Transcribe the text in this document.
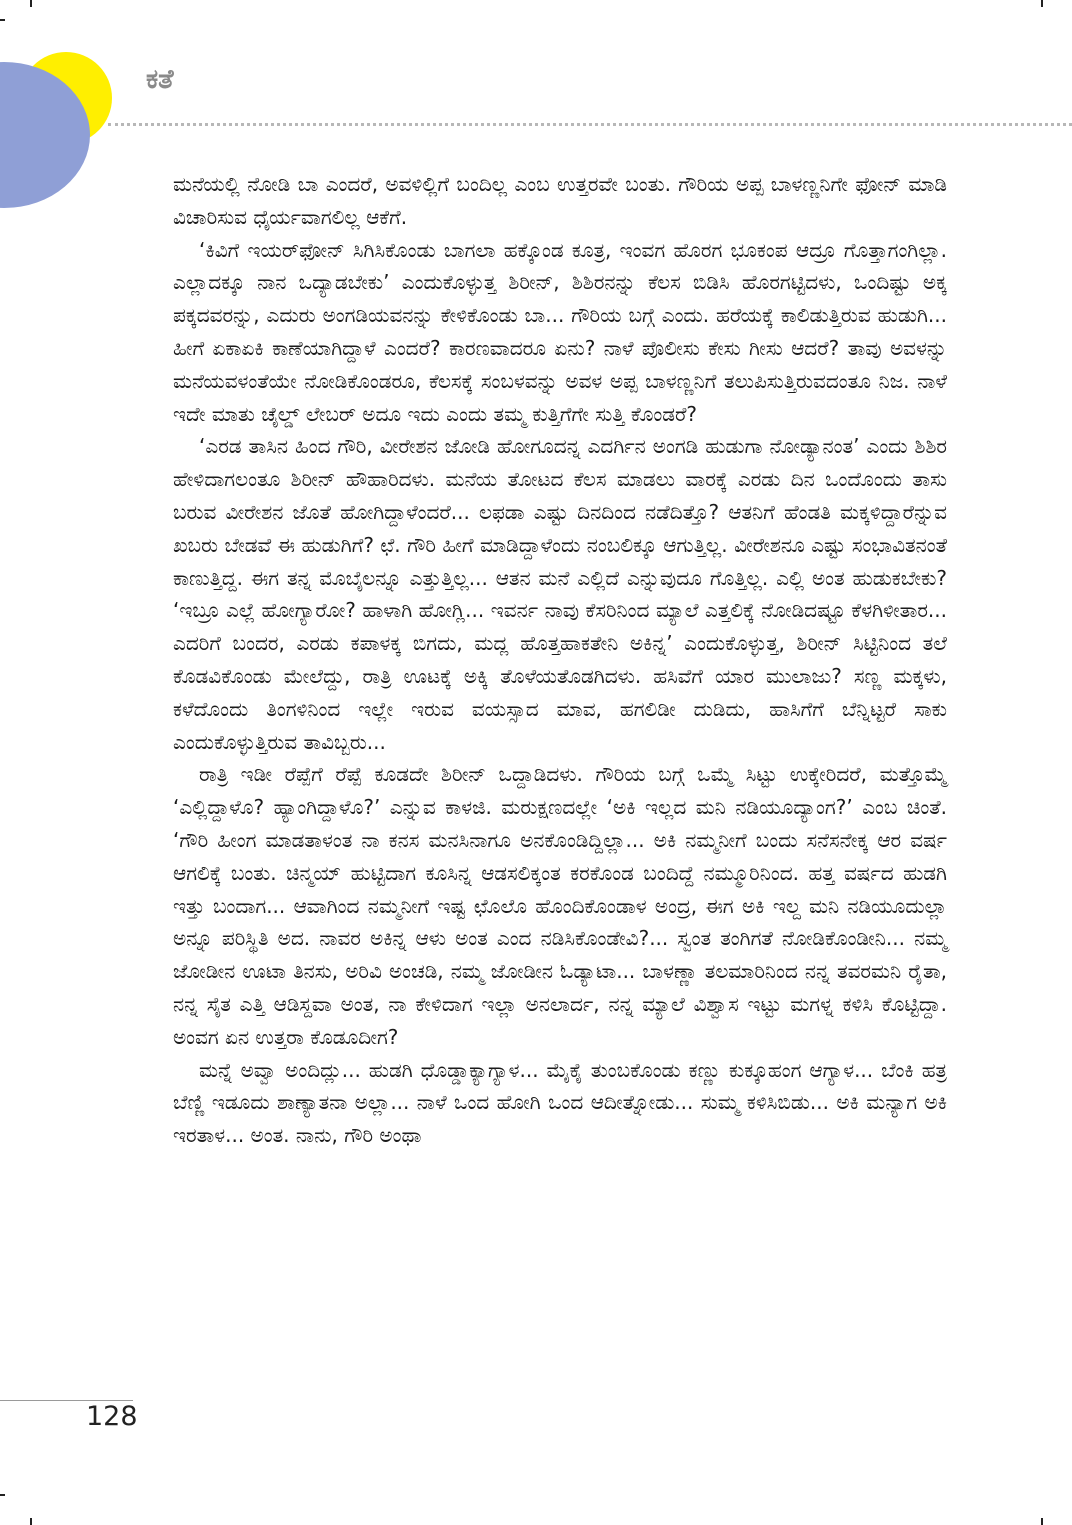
ಕತೆ

ಮನೆಯಲ್ಲಿ ನೋಡಿ ಬಾ ಎಂದರೆ, ಅವಳಿಲ್ಲಿಗೆ ಬಂದಿಲ್ಲ ಎಂಬ ಉತ್ತರವೇ ಬಂತು. ಗೌರಿಯ ಅಪ್ಪ ಬಾಳಣ್ಣನಿಗೇ ಫೋನ್ ಮಾಡಿ ವಿಚಾರಿಸುವ ಧೈರ್ಯವಾಗಲಿಲ್ಲ ಆಕೆಗೆ.

‘ಕಿವಿಗೆ ಇಯರ್‌ಫೋನ್ ಸಿಗಿಸಿಕೊಂಡು ಬಾಗಲಾ ಹಕ್ಕೊಂಡ ಕೂತ್ರ, ಇಂವಗ ಹೊರಗ ಭೂಕಂಪ ಆದ್ರೂ ಗೊತ್ತಾಗಂಗಿಲ್ಲಾ. ಎಲ್ಲಾದಕ್ಕೂ ನಾನ ಒದ್ಯಾಡಬೇಕು’ ಎಂದುಕೊಳ್ಳುತ್ತ ಶಿರೀನ್, ಶಿಶಿರನನ್ನು ಕೆಲಸ ಬಿಡಿಸಿ ಹೊರಗಟ್ಟಿದಳು, ಒಂದಿಷ್ಟು ಅಕ್ಕ ಪಕ್ಕದವರನ್ನು, ಎದುರು ಅಂಗಡಿಯವನನ್ನು ಕೇಳಿಕೊಂಡು ಬಾ... ಗೌರಿಯ ಬಗ್ಗೆ ಎಂದು. ಹರೆಯಕ್ಕೆ ಕಾಲಿಡುತ್ತಿರುವ ಹುಡುಗಿ... ಹೀಗೆ ಏಕಾಏಕಿ ಕಾಣೆಯಾಗಿದ್ದಾಳೆ ಎಂದರೆ? ಕಾರಣವಾದರೂ ಏನು? ನಾಳೆ ಪೊಲೀಸು ಕೇಸು ಗೀಸು ಆದರೆ? ತಾವು ಅವಳನ್ನು ಮನೆಯವಳಂತೆಯೇ ನೋಡಿಕೊಂಡರೂ, ಕೆಲಸಕ್ಕೆ ಸಂಬಳವನ್ನು ಅವಳ ಅಪ್ಪ ಬಾಳಣ್ಣನಿಗೆ ತಲುಪಿಸುತ್ತಿರುವದಂತೂ ನಿಜ. ನಾಳೆ ಇದೇ ಮಾತು ಚೈಲ್ಡ್ ಲೇಬರ್ ಅದೂ ಇದು ಎಂದು ತಮ್ಮ ಕುತ್ತಿಗೆಗೇ ಸುತ್ತಿ ಕೊಂಡರೆ?

‘ಎರಡ ತಾಸಿನ ಹಿಂದ ಗೌರಿ, ವೀರೇಶನ ಜೋಡಿ ಹೋಗೂದನ್ನ ಎದರ್ಗಿನ ಅಂಗಡಿ ಹುಡುಗಾ ನೋಡ್ಯಾನಂತ’ ಎಂದು ಶಿಶಿರ ಹೇಳಿದಾಗಲಂತೂ ಶಿರೀನ್ ಹೌಹಾರಿದಳು. ಮನೆಯ ತೋಟದ ಕೆಲಸ ಮಾಡಲು ವಾರಕ್ಕೆ ಎರಡು ದಿನ ಒಂದೊಂದು ತಾಸು ಬರುವ ವೀರೇಶನ ಜೊತೆ ಹೋಗಿದ್ದಾಳೆಂದರೆ... ಲಫಡಾ ಎಷ್ಟು ದಿನದಿಂದ ನಡೆದಿತ್ತೊ? ಆತನಿಗೆ ಹೆಂಡತಿ ಮಕ್ಕಳಿದ್ದಾರೆನ್ನುವ ಖಬರು ಬೇಡವೆ ಈ ಹುಡುಗಿಗೆ? ಛೆ. ಗೌರಿ ಹೀಗೆ ಮಾಡಿದ್ದಾಳೆಂದು ನಂಬಲಿಕ್ಕೂ ಆಗುತ್ತಿಲ್ಲ. ವೀರೇಶನೂ ಎಷ್ಟು ಸಂಭಾವಿತನಂತೆ ಕಾಣುತ್ತಿದ್ದ. ಈಗ ತನ್ನ ಮೊಬೈಲನ್ನೂ ಎತ್ತುತ್ತಿಲ್ಲ... ಆತನ ಮನೆ ಎಲ್ಲಿದೆ ಎನ್ನುವುದೂ ಗೊತ್ತಿಲ್ಲ. ಎಲ್ಲಿ ಅಂತ ಹುಡುಕಬೇಕು? ‘ಇಬ್ರೂ ಎಲ್ಲೆ ಹೋಗ್ಯಾರೋ? ಹಾಳಾಗಿ ಹೋಗ್ಲಿ... ಇವರ್ನ ನಾವು ಕೆಸರಿನಿಂದ ಮ್ಯಾಲೆ ಎತ್ತಲಿಕ್ಕೆ ನೋಡಿದಷ್ಟೂ ಕೆಳಗಿಳೀತಾರ... ಎದರಿಗೆ ಬಂದರ, ಎರಡು ಕಪಾಳಕ್ಕ ಬಿಗದು, ಮದ್ಲ ಹೊತ್ತಹಾಕತೇನಿ ಅಕಿನ್ನ’ ಎಂದುಕೊಳ್ಳುತ್ತ, ಶಿರೀನ್ ಸಿಟ್ಟಿನಿಂದ ತಲೆ ಕೊಡವಿಕೊಂಡು ಮೇಲೆದ್ದು, ರಾತ್ರಿ ಊಟಕ್ಕೆ ಅಕ್ಕಿ ತೊಳೆಯತೊಡಗಿದಳು. ಹಸಿವೆಗೆ ಯಾರ ಮುಲಾಜು? ಸಣ್ಣ ಮಕ್ಕಳು, ಕಳೆದೊಂದು ತಿಂಗಳಿನಿಂದ ಇಲ್ಲೇ ಇರುವ ವಯಸ್ಸಾದ ಮಾವ, ಹಗಲಿಡೀ ದುಡಿದು, ಹಾಸಿಗೆಗೆ ಬೆನ್ನಿಟ್ಟರೆ ಸಾಕು ಎಂದುಕೊಳ್ಳುತ್ತಿರುವ ತಾವಿಬ್ಬರು...

ರಾತ್ರಿ ಇಡೀ ರೆಪ್ಪೆಗೆ ರೆಪ್ಪೆ ಕೂಡದೇ ಶಿರೀನ್ ಒದ್ದಾಡಿದಳು. ಗೌರಿಯ ಬಗ್ಗೆ ಒಮ್ಮೆ ಸಿಟ್ಟು ಉಕ್ಕೇರಿದರೆ, ಮತ್ತೊಮ್ಮೆ ‘ಎಲ್ಲಿದ್ದಾಳೊ? ಹ್ಯಾಂಗಿದ್ದಾಳೊ?’ ಎನ್ನುವ ಕಾಳಜಿ. ಮರುಕ್ಷಣದಲ್ಲೇ ‘ಅಕಿ ಇಲ್ಲದ ಮನಿ ನಡಿಯೂದ್ಯಾಂಗ?’ ಎಂಬ ಚಿಂತೆ. ‘ಗೌರಿ ಹೀಂಗ ಮಾಡತಾಳಂತ ನಾ ಕನಸ ಮನಸಿನಾಗೂ ಅನಕೊಂಡಿದ್ದಿಲ್ಲಾ... ಅಕಿ ನಮ್ಮನೀಗೆ ಬಂದು ಸನೆಸನೇಕ್ಕ ಆರ ವರ್ಷ ಆಗಲಿಕ್ಕೆ ಬಂತು. ಚಿನ್ಮಯ್ ಹುಟ್ಟಿದಾಗ ಕೂಸಿನ್ನ ಆಡಸಲಿಕ್ಕಂತ ಕರಕೊಂಡ ಬಂದಿದ್ದೆ ನಮ್ಮೂರಿನಿಂದ. ಹತ್ತ ವರ್ಷದ ಹುಡಗಿ ಇತ್ತು ಬಂದಾಗ... ಆವಾಗಿಂದ ನಮ್ಮನೀಗೆ ಇಷ್ಟ ಛೊಲೊ ಹೊಂದಿಕೊಂಡಾಳ ಅಂದ್ರ, ಈಗ ಅಕಿ ಇಲ್ದ ಮನಿ ನಡಿಯೂದುಲ್ಲಾ ಅನ್ನೂ ಪರಿಸ್ಥಿತಿ ಅದ. ನಾವರ ಅಕಿನ್ನ ಆಳು ಅಂತ ಎಂದ ನಡಿಸಿಕೊಂಡೇವಿ?... ಸ್ವಂತ ತಂಗಿಗತೆ ನೋಡಿಕೊಂಡೀನಿ... ನಮ್ಮ ಜೋಡೀನ ಊಟಾ ತಿನಸು, ಅರಿವಿ ಅಂಚಡಿ, ನಮ್ಮ ಜೋಡೀನ ಓಡ್ಯಾಟಾ... ಬಾಳಣ್ಣಾ ತಲಮಾರಿನಿಂದ ನನ್ನ ತವರಮನಿ ರೈತಾ, ನನ್ನ ಸೈತ ಎತ್ತಿ ಆಡಿಸ್ದವಾ ಅಂತ, ನಾ ಕೇಳಿದಾಗ ಇಲ್ಲಾ ಅನಲಾರ್ದ, ನನ್ನ ಮ್ಯಾಲೆ ವಿಶ್ವಾಸ ಇಟ್ಟು ಮಗಳ್ನ ಕಳಿಸಿ ಕೊಟ್ಟಿದ್ದಾ. ಅಂವಗ ಏನ ಉತ್ತರಾ ಕೊಡೂದೀಗ?

ಮನ್ನೆ ಅವ್ವಾ ಅಂದಿದ್ಲು... ಹುಡಗಿ ಧೊಡ್ಡಾಕ್ಯಾಗ್ಯಾಳ... ಮೈಕೈ ತುಂಬಕೊಂಡು ಕಣ್ಣು ಕುಕ್ಕೂಹಂಗ ಆಗ್ಯಾಳ... ಬೆಂಕಿ ಹತ್ರ ಬೆಣ್ಣಿ ಇಡೂದು ಶಾಣ್ಯಾತನಾ ಅಲ್ಲಾ... ನಾಳೆ ಒಂದ ಹೋಗಿ ಒಂದ ಆದೀತ್ನೋಡು... ಸುಮ್ಮ ಕಳಿಸಿಬಿಡು... ಅಕಿ ಮನ್ಯಾಗ ಅಕಿ ಇರತಾಳ... ಅಂತ. ನಾನು, ಗೌರಿ ಅಂಥಾ

128
